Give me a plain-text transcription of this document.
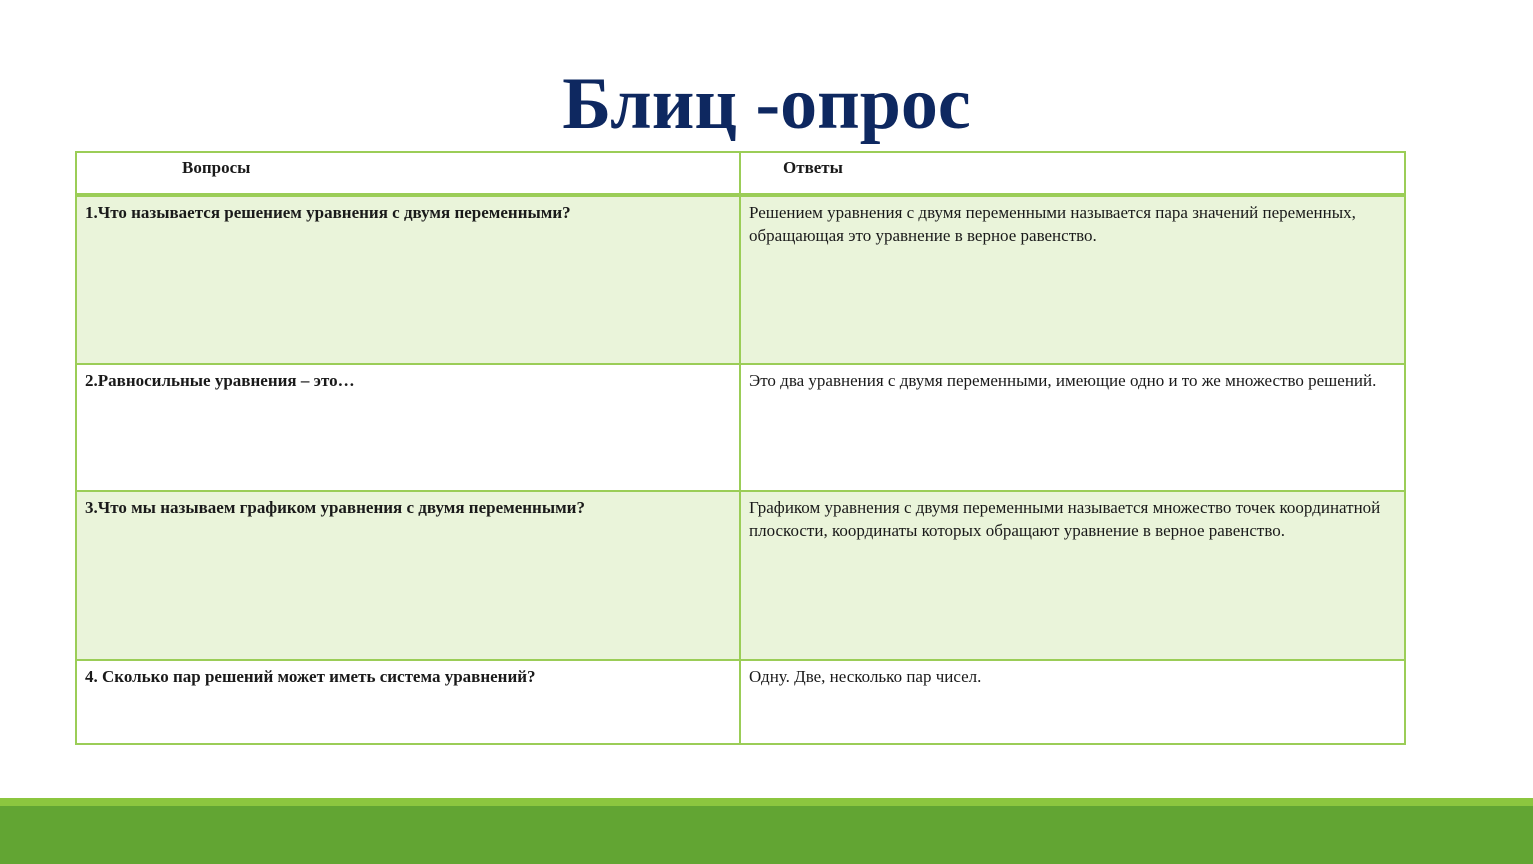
Блиц -опрос
Вопросы	Ответы
1.Что называется решением уравнения с двумя переменными?	Решением уравнения с двумя переменными называется пара значений переменных, обращающая это уравнение в верное равенство.
2.Равносильные уравнения – это…	Это два уравнения с двумя переменными, имеющие одно и то же множество решений.
3.Что мы называем графиком уравнения с двумя переменными?	Графиком уравнения с двумя переменными называется множество точек координатной плоскости, координаты которых обращают уравнение в верное равенство.
4. Сколько пар решений может иметь система уравнений?	Одну. Две, несколько пар чисел.
